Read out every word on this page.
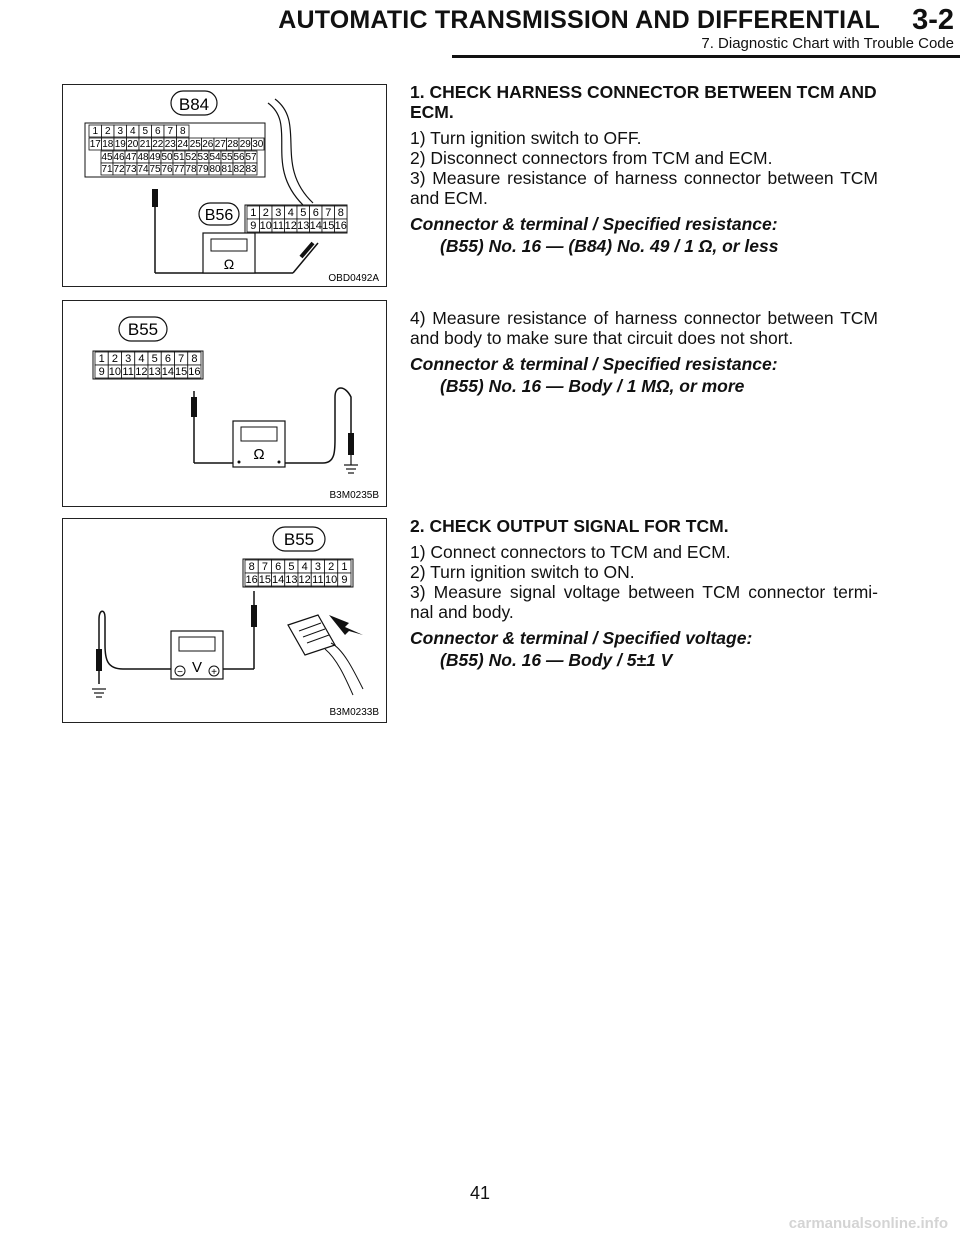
AUTOMATIC TRANSMISSION AND DIFFERENTIAL 3-2
7. Diagnostic Chart with Trouble Code
B84
1 2 3 4 5 6 7 8
17 18 19 20 21 22 23 24 25 26 27 28 29 30
45 46 47 48 49 50 51 52 53 54 55 56 57
71 72 73 74 75 76 77 78 79 80 81 82 83
B56 1 2 3 4 5 6 7 8
9 10 11 12 13 14 15 16
Ω
OBD0492A
B55
1 2 3 4 5 6 7 8
9 10 11 12 13 14 15 16
Ω
B3M0235B
B55
8 7 6 5 4 3 2 1
16 15 14 13 12 11 10 9
V
−	+
B3M0233B

1. CHECK HARNESS CONNECTOR BETWEEN TCM AND ECM.

1) Turn ignition switch to OFF.

2) Disconnect connectors from TCM and ECM.

3) Measure resistance of harness connector between TCM and ECM.

Connector & terminal / Specified resistance:

(B55) No. 16 — (B84) No. 49 / 1 Ω, or less

4) Measure resistance of harness connector between TCM and body to make sure that circuit does not short.

Connector & terminal / Specified resistance:

(B55) No. 16 — Body / 1 MΩ, or more

2. CHECK OUTPUT SIGNAL FOR TCM.

1) Connect connectors to TCM and ECM.

2) Turn ignition switch to ON.

3) Measure signal voltage between TCM connector termi- nal and body.

Connector & terminal / Specified voltage:

(B55) No. 16 — Body / 5±1 V

41
carmanualsonline.info
